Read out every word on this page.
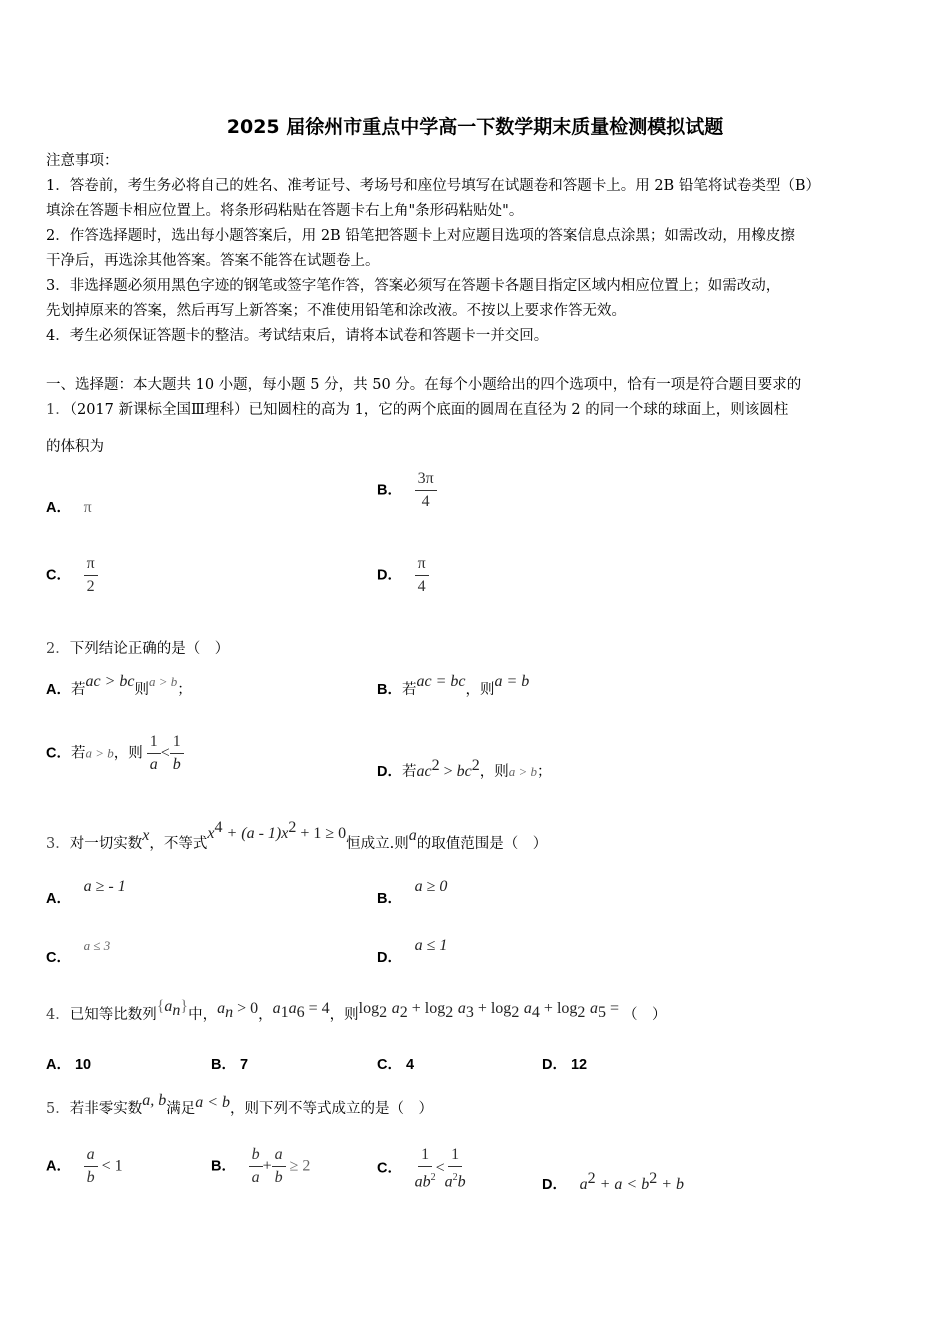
2025 届徐州市重点中学高一下数学期末质量检测模拟试题
注意事项：
1．答卷前，考生务必将自己的姓名、准考证号、考场号和座位号填写在试题卷和答题卡上。用 2B 铅笔将试卷类型（B）
填涂在答题卡相应位置上。将条形码粘贴在答题卡右上角"条形码粘贴处"。
2．作答选择题时，选出每小题答案后，用 2B 铅笔把答题卡上对应题目选项的答案信息点涂黑；如需改动，用橡皮擦
干净后，再选涂其他答案。答案不能答在试题卷上。
3．非选择题必须用黑色字迹的钢笔或签字笔作答，答案必须写在答题卡各题目指定区域内相应位置上；如需改动，
先划掉原来的答案，然后再写上新答案；不准使用铅笔和涂改液。不按以上要求作答无效。
4．考生必须保证答题卡的整洁。考试结束后，请将本试卷和答题卡一并交回。
一、选择题：本大题共 10 小题，每小题 5 分，共 50 分。在每个小题给出的四个选项中，恰有一项是符合题目要求的
1．（2017 新课标全国Ⅲ理科）已知圆柱的高为 1，它的两个底面的圆周在直径为 2 的同一个球的球面上，则该圆柱
的体积为
A． π
B． $\frac{3\pi}{4}$
C． $\frac{\pi}{2}$	D． $\frac{\pi}{4}$
2．下列结论正确的是（　）
A．若ac > bc则a > b；	B．若ac = bc，则a = b
C．若a > b，则 $\frac{1}{a} < \frac{1}{b}$	D．若$ac^2 > bc^2$，则a > b；
3．对一切实数x，不等式$x^4 + (a - 1)x^2 + 1 \ge 0$恒成立.则a的取值范围是（　）
A． a ≥ - 1
B． a ≥ 0
C． a ≤ 3
D． a ≤ 1
4．已知等比数列$\{a_n\}$中，$a_n > 0$，$a_1a_6 = 4$，则$\log_2 a_2 + \log_2 a_3 + \log_2 a_4 + \log_2 a_5$ = （　）
A． 10	B． 7	C． 4	D． 12
5．若非零实数a, b满足a < b，则下列不等式成立的是（　）
A． $\frac{a}{b} < 1$	B． $\frac{b}{a} + \frac{a}{b} \ge 2$	C． $\frac{1}{ab^2} < \frac{1}{a^2b}$	D． $a^2 + a < b^2 + b$
